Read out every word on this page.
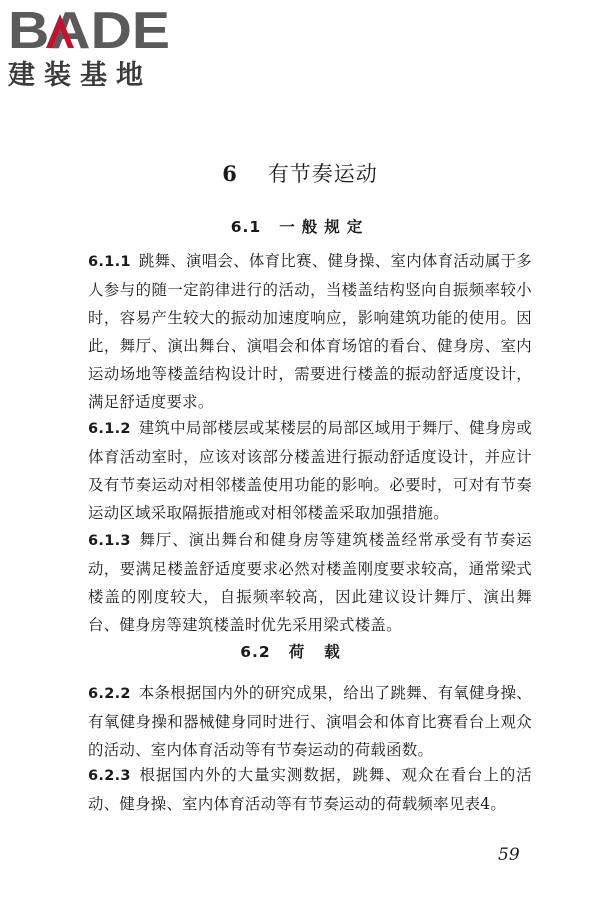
BADE
建装基地
6 有节奏运动
6.1 一般规定
6.1.1 跳舞、演唱会、体育比赛、健身操、室内体育活动属于多人参与的随一定韵律进行的活动，当楼盖结构竖向自振频率较小时，容易产生较大的振动加速度响应，影响建筑功能的使用。因此，舞厅、演出舞台、演唱会和体育场馆的看台、健身房、室内运动场地等楼盖结构设计时，需要进行楼盖的振动舒适度设计，满足舒适度要求。
6.1.2 建筑中局部楼层或某楼层的局部区域用于舞厅、健身房或体育活动室时，应该对该部分楼盖进行振动舒适度设计，并应计及有节奏运动对相邻楼盖使用功能的影响。必要时，可对有节奏运动区域采取隔振措施或对相邻楼盖采取加强措施。
6.1.3 舞厅、演出舞台和健身房等建筑楼盖经常承受有节奏运动，要满足楼盖舒适度要求必然对楼盖刚度要求较高，通常梁式楼盖的刚度较大，自振频率较高，因此建议设计舞厅、演出舞台、健身房等建筑楼盖时优先采用梁式楼盖。
6.2 荷载
6.2.2 本条根据国内外的研究成果，给出了跳舞、有氧健身操、有氧健身操和器械健身同时进行、演唱会和体育比赛看台上观众的活动、室内体育活动等有节奏运动的荷载函数。
6.2.3 根据国内外的大量实测数据，跳舞、观众在看台上的活动、健身操、室内体育活动等有节奏运动的荷载频率见表4。
59
